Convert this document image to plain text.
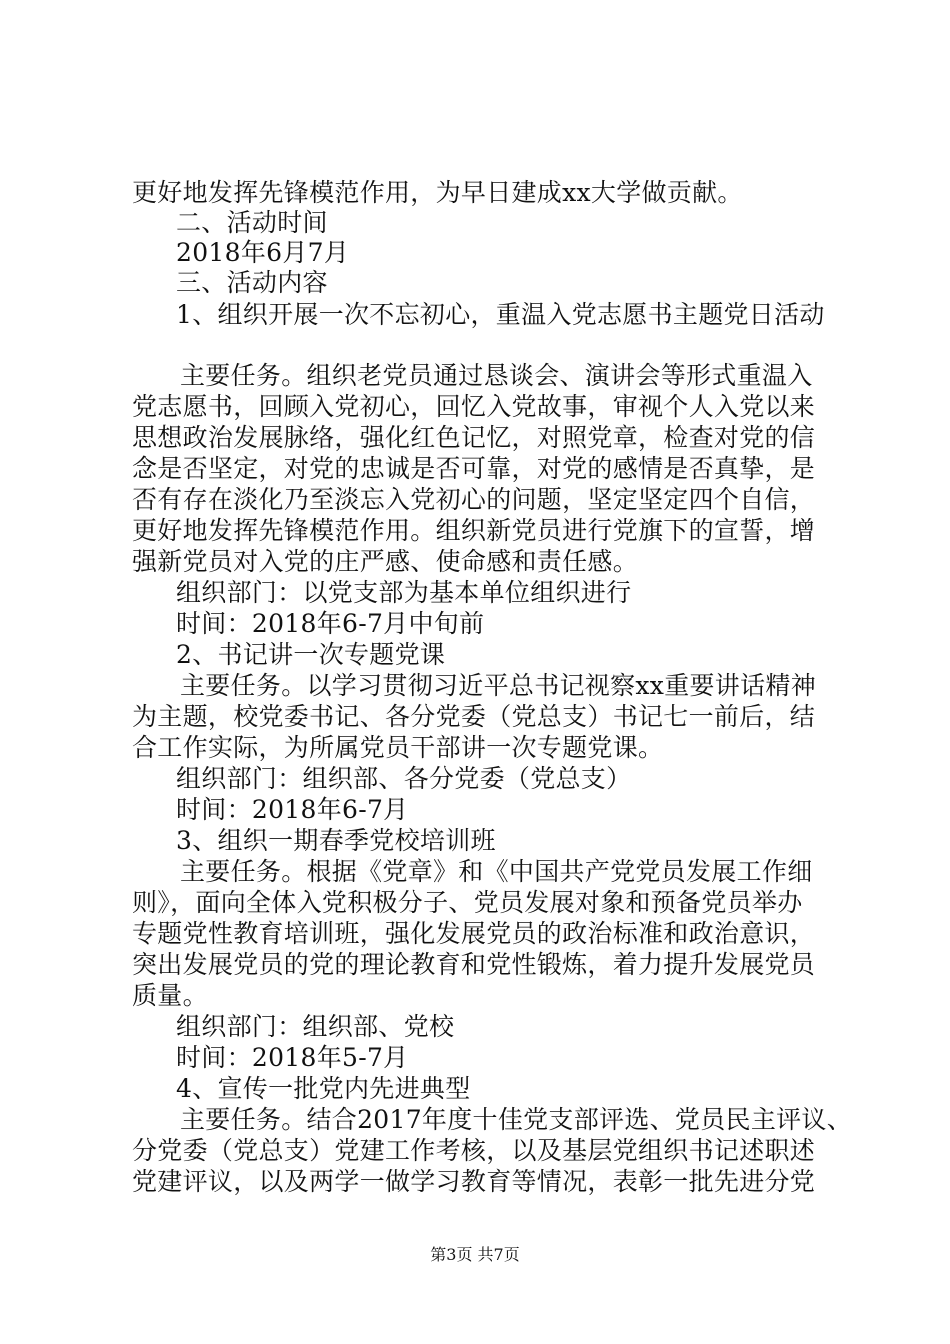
更好地发挥先锋模范作用，为早日建成xx大学做贡献。
二、活动时间
2018年6月7月
三、活动内容
1、组织开展一次不忘初心，重温入党志愿书主题党日活动
主要任务。组织老党员通过恳谈会、演讲会等形式重温入
党志愿书，回顾入党初心，回忆入党故事，审视个人入党以来
思想政治发展脉络，强化红色记忆，对照党章，检查对党的信
念是否坚定，对党的忠诚是否可靠，对党的感情是否真挚，是
否有存在淡化乃至淡忘入党初心的问题，坚定坚定四个自信，
更好地发挥先锋模范作用。组织新党员进行党旗下的宣誓，增
强新党员对入党的庄严感、使命感和责任感。
组织部门：以党支部为基本单位组织进行
时间：2018年6-7月中旬前
2、书记讲一次专题党课
主要任务。以学习贯彻习近平总书记视察xx重要讲话精神
为主题，校党委书记、各分党委（党总支）书记七一前后，结
合工作实际，为所属党员干部讲一次专题党课。
组织部门：组织部、各分党委（党总支）
时间：2018年6-7月
3、组织一期春季党校培训班
主要任务。根据《党章》和《中国共产党党员发展工作细
则》，面向全体入党积极分子、党员发展对象和预备党员举办
专题党性教育培训班，强化发展党员的政治标准和政治意识，
突出发展党员的党的理论教育和党性锻炼，着力提升发展党员
质量。
组织部门：组织部、党校
时间：2018年5-7月
4、宣传一批党内先进典型
主要任务。结合2017年度十佳党支部评选、党员民主评议、
分党委（党总支）党建工作考核，以及基层党组织书记述职述
党建评议，以及两学一做学习教育等情况，表彰一批先进分党
第3页 共7页
